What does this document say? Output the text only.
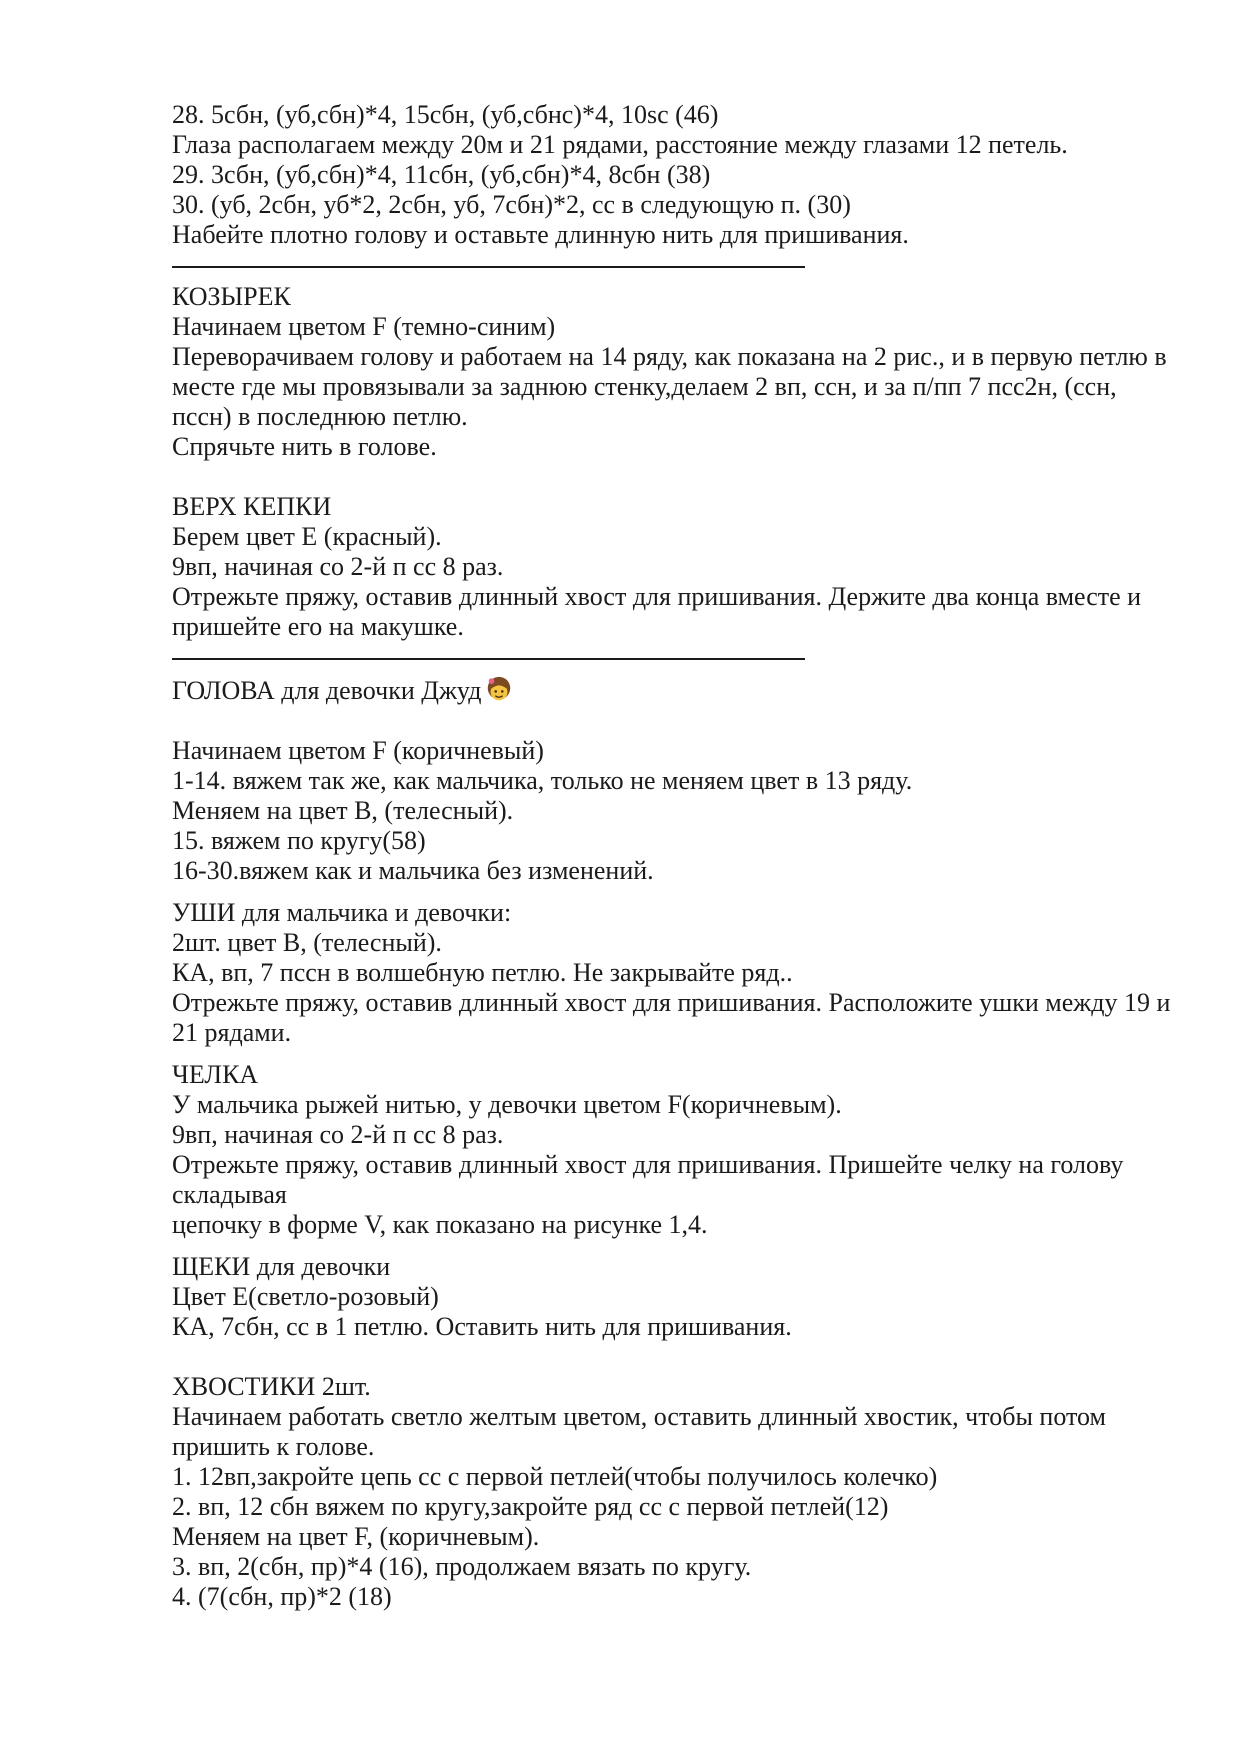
28. 5сбн, (уб,сбн)*4, 15сбн, (уб,сбнс)*4, 10sc (46)
Глаза располагаем между 20м и 21 рядами, расстояние между глазами 12 петель.
29. 3сбн, (уб,сбн)*4, 11сбн, (уб,сбн)*4, 8сбн (38)
30. (уб, 2сбн, уб*2, 2сбн, уб, 7сбн)*2, сс в следующую п. (30)
Набейте плотно голову и оставьте длинную нить для пришивания.
КОЗЫРЕК
Начинаем цветом F (темно-синим)
Переворачиваем голову и работаем на 14 ряду, как показана на 2 рис., и в первую петлю в
месте где мы провязывали за заднюю стенку,делаем 2 вп, ссн, и за п/пп 7 псс2н, (ссн,
пссн) в последнюю петлю.
Спрячьте нить в голове.
ВЕРХ КЕПКИ
Берем цвет E (красный).
9вп, начиная со 2-й п сс 8 раз.
Отрежьте пряжу, оставив длинный хвост для пришивания. Держите два конца вместе и
пришейте его на макушке.
ГОЛОВА для девочки Джуд
Начинаем цветом F (коричневый)
1-14. вяжем так же, как мальчика, только не меняем цвет в 13 ряду.
Меняем на цвет B, (телесный).
15. вяжем по кругу(58)
16-30.вяжем как и мальчика без изменений.
УШИ для мальчика и девочки:
2шт. цвет B, (телесный).
КА, вп, 7 пссн в волшебную петлю. Не закрывайте ряд..
Отрежьте пряжу, оставив длинный хвост для пришивания. Расположите ушки между 19 и
21 рядами.
ЧЕЛКА
У мальчика рыжей нитью, у девочки цветом F(коричневым).
9вп, начиная со 2-й п сс 8 раз.
Отрежьте пряжу, оставив длинный хвост для пришивания. Пришейте челку на голову
складывая
цепочку в форме V, как показано на рисунке 1,4.
ЩЕКИ для девочки
Цвет E(светло-розовый)
КА, 7сбн, сс в 1 петлю. Оставить нить для пришивания.
ХВОСТИКИ 2шт.
Начинаем работать светло желтым цветом, оставить длинный хвостик, чтобы потом
пришить к голове.
1. 12вп,закройте цепь сс с первой петлей(чтобы получилось колечко)
2. вп, 12 сбн вяжем по кругу,закройте ряд сс с первой петлей(12)
Меняем на цвет F, (коричневым).
3. вп, 2(сбн, пр)*4 (16), продолжаем вязать по кругу.
4. (7(сбн, пр)*2 (18)
